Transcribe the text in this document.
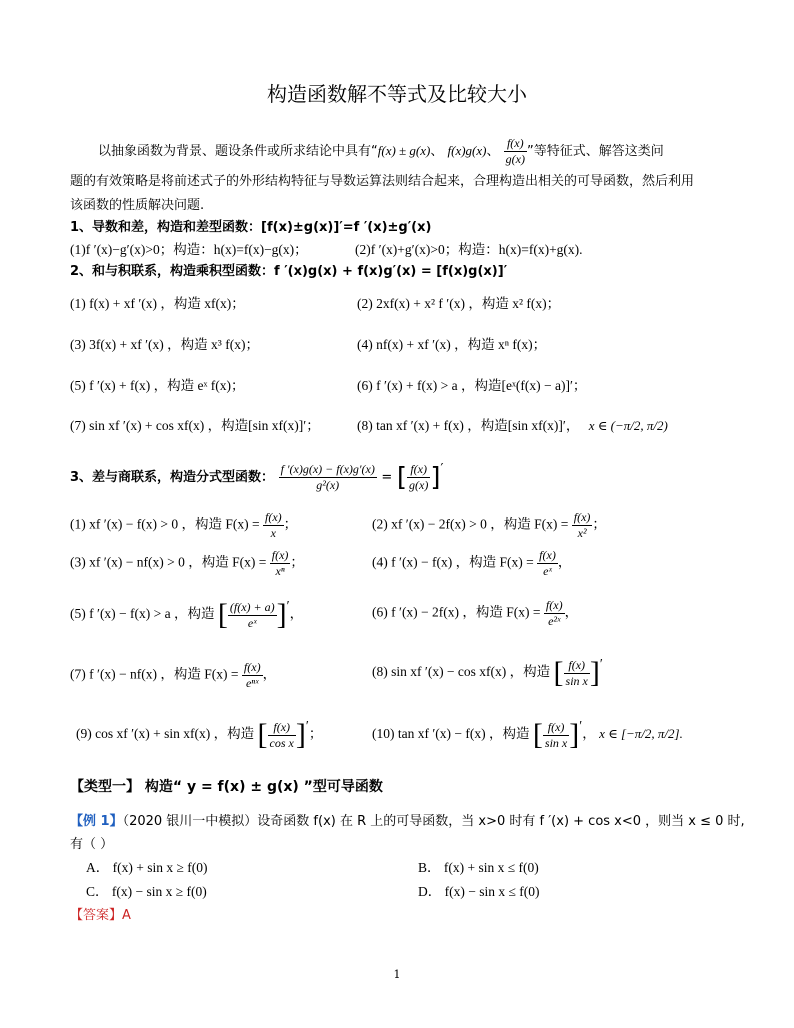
构造函数解不等式及比较大小
以抽象函数为背景、题设条件或所求结论中具有“f(x) ± g(x)、 f(x)g(x)、 $\frac{f(x)}{g(x)}$ ”等特征式、解答这类问
题的有效策略是将前述式子的外形结构特征与导数运算法则结合起来，合理构造出相关的可导函数，然后利用
该函数的性质解决问题.
1、导数和差，构造和差型函数：[f(x)±g(x)]′=f ′(x)±g′(x)
(1)f ′(x)−g′(x)>0；构造：h(x)=f(x)−g(x)；	(2)f ′(x)+g′(x)>0；构造：h(x)=f(x)+g(x).
2、和与积联系，构造乘积型函数：f ′(x)g(x) + f(x)g′(x) = [f(x)g(x)]′
(1) f(x) + xf ′(x) ，构造 xf(x)；	(2) 2xf(x) + x² f ′(x) ，构造 x² f(x)；
(3) 3f(x) + xf ′(x) ，构造 x³ f(x)；	(4) nf(x) + xf ′(x) ，构造 xⁿ f(x)；
(5) f ′(x) + f(x) ，构造 eˣ f(x)；	(6) f ′(x) + f(x) > a ，构造[eˣ(f(x) − a)]′；
(7) sin xf ′(x) + cos xf(x) ，构造[sin xf(x)]′；	(8) tan xf ′(x) + f(x) ，构造[sin xf(x)]′， x ∈ (−π/2, π/2)
3、差与商联系，构造分式型函数： $\frac{f '(x)g(x) - f(x)g'(x)}{\text{g²(x)}}$ = [ $\frac{f(x)}{g(x)}$ ]′
(1) xf ′(x) − f(x) > 0 ，构造 $F(x) = \frac{f(x)}{x}$ ；	(2) xf ′(x) − 2f(x) > 0 ，构造 $F(x) = \frac{f(x)}{\text{x²}}$ ；
(3) xf ′(x) − nf(x) > 0 ，构造 $F(x) = \frac{f(x)}{\text{xⁿ}}$ ；	(4) f ′(x) − f(x) ，构造 $F(x) = \frac{f(x)}{\text{eˣ}}$ ，
(5) f ′(x) − f(x) > a ，构造 [ $\frac{(f(x) + a)}{\text{eˣ}}$ ]′，	(6) f ′(x) − 2f(x) ，构造 $F(x) = \frac{f(x)}{\text{e²ˣ}}$ ，
(7) f ′(x) − nf(x) ，构造 $F(x) = \frac{f(x)}{\text{eⁿˣ}}$ ，	(8) sin xf ′(x) − cos xf(x) ，构造 [ $\frac{f(x)}{\text{sin x}}$ ]′
(9) cos xf ′(x) + sin xf(x) ，构造 [ $\frac{f(x)}{\text{cos x}}$ ]′；	(10) tan xf ′(x) − f(x) ，构造 [ $\frac{f(x)}{\text{sin x}}$ ]′， x ∈ [−π/2, π/2].
【类型一】 构造“ y = f(x) ± g(x) ”型可导函数
【例 1】（2020 银川一中模拟）设奇函数 f(x) 在 R 上的可导函数，当 x>0 时有 f ′(x) + cos x<0 ，则当 x ≤ 0 时,
有（ ）
A． f(x) + sin x ≥ f(0)	B． f(x) + sin x ≤ f(0)
C． f(x) − sin x ≥ f(0)	D． f(x) − sin x ≤ f(0)
【答案】A
1
